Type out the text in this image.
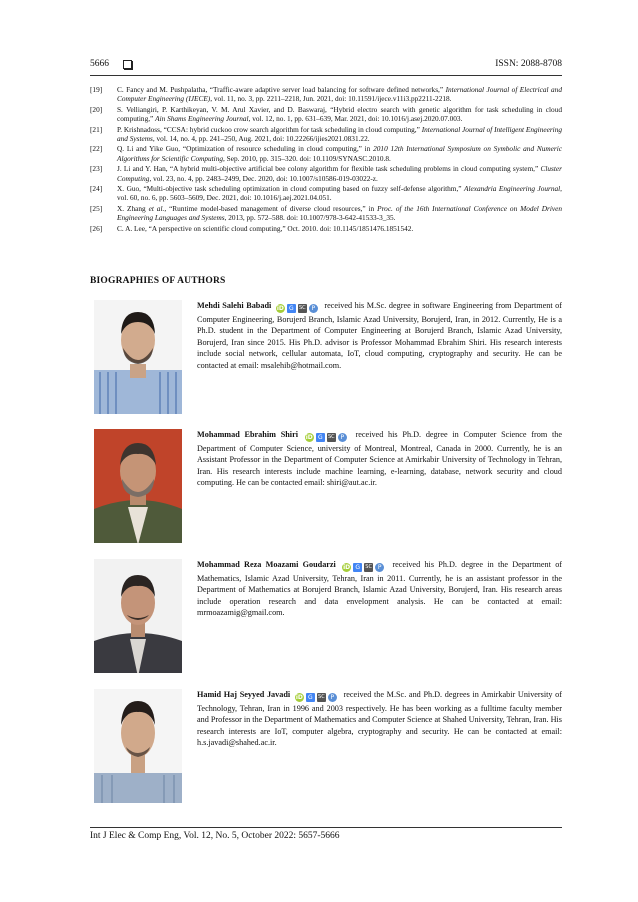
5666	ISSN: 2088-8708
[19] C. Fancy and M. Pushpalatha, “Traffic-aware adaptive server load balancing for software defined networks,” International Journal of Electrical and Computer Engineering (IJECE), vol. 11, no. 3, pp. 2211–2218, Jun. 2021, doi: 10.11591/ijece.v11i3.pp2211-2218.
[20] S. Velliangiri, P. Karthikeyan, V. M. Arul Xavier, and D. Baswaraj, “Hybrid electro search with genetic algorithm for task scheduling in cloud computing,” Ain Shams Engineering Journal, vol. 12, no. 1, pp. 631–639, Mar. 2021, doi: 10.1016/j.asej.2020.07.003.
[21] P. Krishnadoss, “CCSA: hybrid cuckoo crow search algorithm for task scheduling in cloud computing,” International Journal of Intelligent Engineering and Systems, vol. 14, no. 4, pp. 241–250, Aug. 2021, doi: 10.22266/ijies2021.0831.22.
[22] Q. Li and Yike Guo, “Optimization of resource scheduling in cloud computing,” in 2010 12th International Symposium on Symbolic and Numeric Algorithms for Scientific Computing, Sep. 2010, pp. 315–320. doi: 10.1109/SYNASC.2010.8.
[23] J. Li and Y. Han, “A hybrid multi-objective artificial bee colony algorithm for flexible task scheduling problems in cloud computing system,” Cluster Computing, vol. 23, no. 4, pp. 2483–2499, Dec. 2020, doi: 10.1007/s10586-019-03022-z.
[24] X. Guo, “Multi-objective task scheduling optimization in cloud computing based on fuzzy self-defense algorithm,” Alexandria Engineering Journal, vol. 60, no. 6, pp. 5603–5609, Dec. 2021, doi: 10.1016/j.aej.2021.04.051.
[25] X. Zhang et al., “Runtime model-based management of diverse cloud resources,” in Proc. of the 16th International Conference on Model Driven Engineering Languages and Systems, 2013, pp. 572–588. doi: 10.1007/978-3-642-41533-3_35.
[26] C. A. Lee, “A perspective on scientific cloud computing,” Oct. 2010. doi: 10.1145/1851476.1851542.
BIOGRAPHIES OF AUTHORS
Mehdi Salehi Babadi iD G SC P received his M.Sc. degree in software Engineering from Department of Computer Engineering, Borujerd Branch, Islamic Azad University, Borujerd, Iran, in 2012. Currently, He is a Ph.D. student in the Department of Computer Engineering at Borujerd Branch, Islamic Azad University, Borujerd, Iran since 2015. His Ph.D. advisor is Professor Mohammad Ebrahim Shiri. His research interests include social network, cellular automata, IoT, cloud computing, cryptography and security. He can be contacted at email: msalehib@hotmail.com.
Mohammad Ebrahim Shiri iD G SC P received his Ph.D. degree in Computer Science from the Department of Computer Science, university of Montreal, Montreal, Canada in 2000. Currently, he is an Assistant Professor in the Department of Computer Science at Amirkabir University of Technology in Tehran, Iran. His research interests include machine learning, e-learning, database, network security and cloud computing. He can be contacted email: shiri@aut.ac.ir.
Mohammad Reza Moazami Goudarzi iD G SC P received his Ph.D. degree in the Department of Mathematics, Islamic Azad University, Tehran, Iran in 2011. Currently, he is an assistant professor in the Department of Mathematics at Borujerd Branch, Islamic Azad University, Borujerd, Iran. His research areas include operation research and data envelopment analysis. He can be contacted at email: mrmoazamig@gmail.com.
Hamid Haj Seyyed Javadi iD G SC P received the M.Sc. and Ph.D. degrees in Amirkabir University of Technology, Tehran, Iran in 1996 and 2003 respectively. He has been working as a fulltime faculty member and Professor in the Department of Mathematics and Computer Science at Shahed University, Tehran, Iran. His research interests are IoT, computer algebra, cryptography and security. He can be contacted at email: h.s.javadi@shahed.ac.ir.
Int J Elec & Comp Eng, Vol. 12, No. 5, October 2022: 5657-5666
